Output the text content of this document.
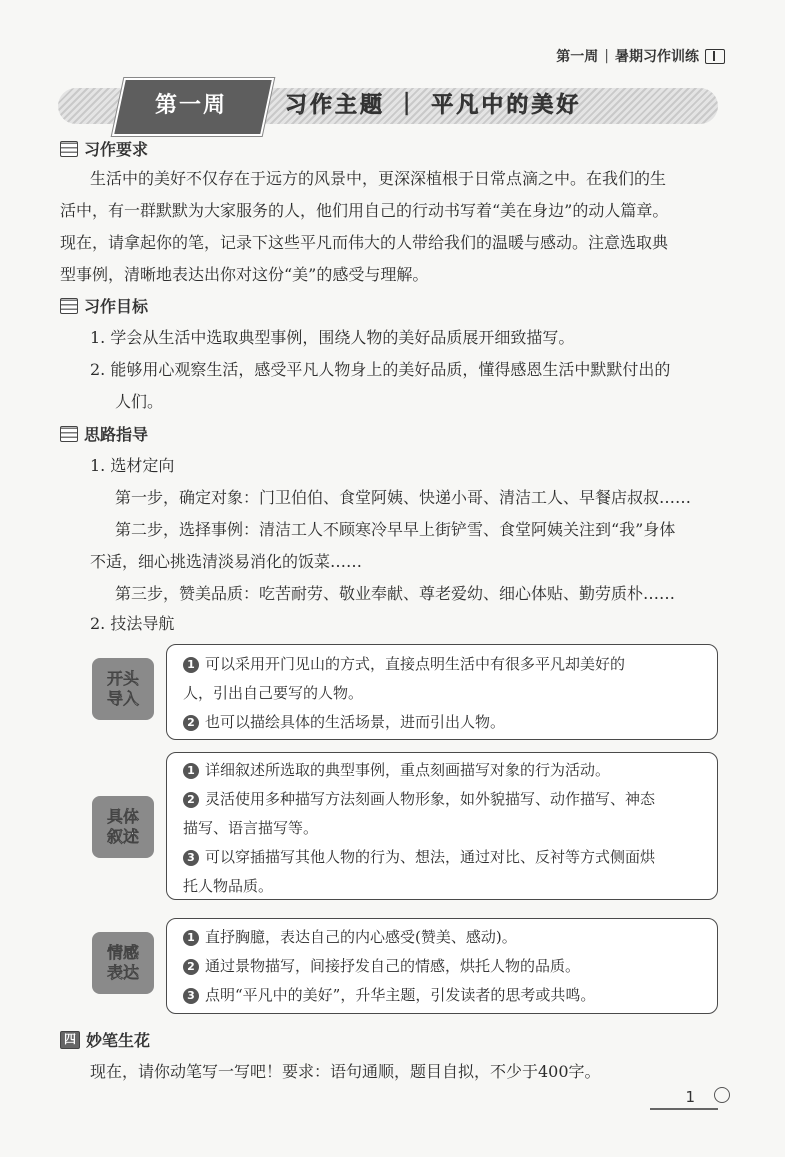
第一周 | 暑期习作训练
第一周	习作主题 ｜ 平凡中的美好
习作要求
生活中的美好不仅存在于远方的风景中，更深深植根于日常点滴之中。在我们的生
活中，有一群默默为大家服务的人，他们用自己的行动书写着“美在身边”的动人篇章。
现在，请拿起你的笔，记录下这些平凡而伟大的人带给我们的温暖与感动。注意选取典
型事例，清晰地表达出你对这份“美”的感受与理解。
习作目标
1. 学会从生活中选取典型事例，围绕人物的美好品质展开细致描写。
2. 能够用心观察生活，感受平凡人物身上的美好品质，懂得感恩生活中默默付出的
人们。
思路指导
1. 选材定向
第一步，确定对象：门卫伯伯、食堂阿姨、快递小哥、清洁工人、早餐店叔叔……
第二步，选择事例：清洁工人不顾寒冷早早上街铲雪、食堂阿姨关注到“我”身体
不适，细心挑选清淡易消化的饭菜……
第三步，赞美品质：吃苦耐劳、敬业奉献、尊老爱幼、细心体贴、勤劳质朴……
2. 技法导航
开头
导入
1 可以采用开门见山的方式，直接点明生活中有很多平凡却美好的
人，引出自己要写的人物。
2 也可以描绘具体的生活场景，进而引出人物。
具体
叙述
1 详细叙述所选取的典型事例，重点刻画描写对象的行为活动。
2 灵活使用多种描写方法刻画人物形象，如外貌描写、动作描写、神态
描写、语言描写等。
3 可以穿插描写其他人物的行为、想法，通过对比、反衬等方式侧面烘
托人物品质。
情感
表达
1 直抒胸臆，表达自己的内心感受(赞美、感动)。
2 通过景物描写，间接抒发自己的情感，烘托人物的品质。
3 点明“平凡中的美好”，升华主题，引发读者的思考或共鸣。
四 妙笔生花
现在，请你动笔写一写吧！要求：语句通顺，题目自拟，不少于400字。
1
